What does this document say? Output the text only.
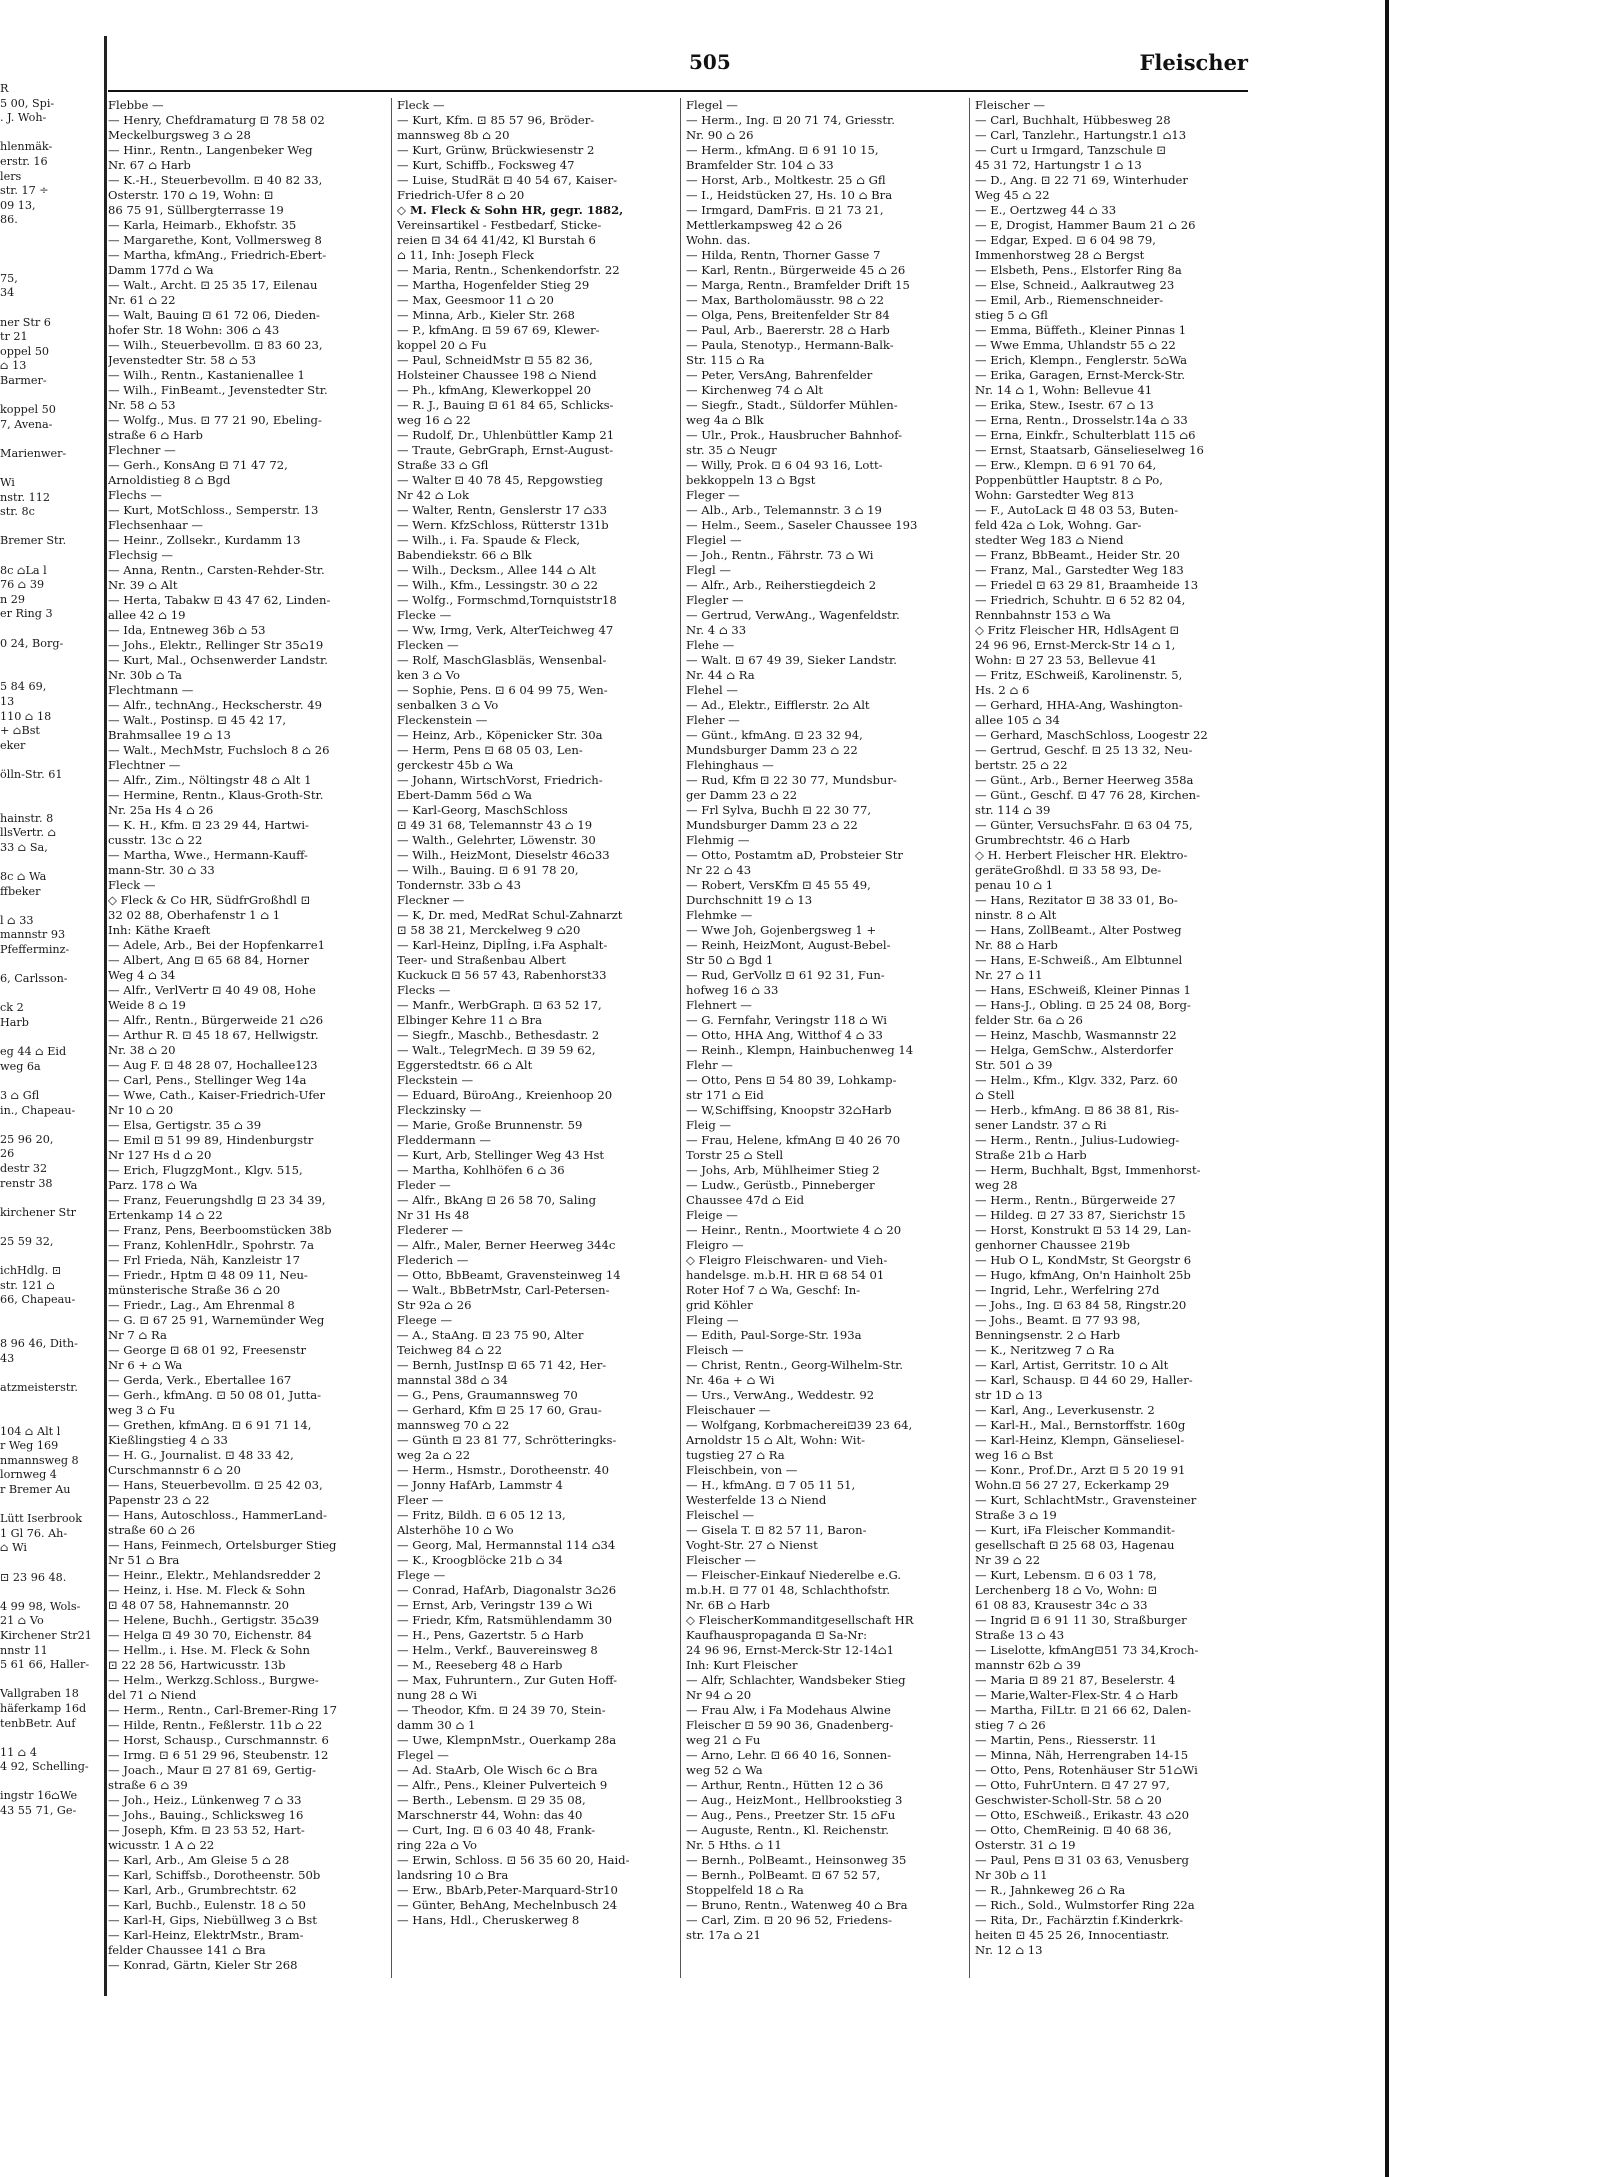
R
5 00, Spi-
. J. Woh-

hlenmäk-
erstr. 16
lers
str. 17 ÷
09 13,
86.

75,
34

ner Str 6
tr 21
oppel 50
⌂ 13
Barmer-

koppel 50
7, Avena-

Marienwer-

Wi
nstr. 112
str. 8c

Bremer Str.

8c ⌂La l
76 ⌂ 39
n 29
er Ring 3

0 24, Borg-

5 84 69,
13
110 ⌂ 18
+ ⌂Bst
eker

ölln-Str. 61

hainstr. 8
llsVertr. ⌂
33 ⌂ Sa,

8c ⌂ Wa
ffbeker

l ⌂ 33
mannstr 93
Pfefferminz-

6, Carlsson-

ck 2
Harb

eg 44 ⌂ Eid
weg 6a

3 ⌂ Gfl
in., Chapeau-

25 96 20,
26
destr 32
renstr 38

kirchener Str

25 59 32,

ichHdlg. ⊡
str. 121 ⌂
66, Chapeau-

8 96 46, Dith-
43

atzmeisterstr.

104 ⌂ Alt l
r Weg 169
nmannsweg 8
lornweg 4
r Bremer Au

Lütt Iserbrook
1 Gl 76. Ah-
⌂ Wi

⊡ 23 96 48.

4 99 98, Wols-
21 ⌂ Vo
Kirchener Str21
nnstr 11
5 61 66, Haller-

Vallgraben 18
häferkamp 16d
tenbBetr. Auf

11 ⌂ 4
4 92, Schelling-

ingstr 16⌂We
43 55 71, Ge-
505	Fleischer
Flebbe —
— Henry, Chefdramaturg ⊡ 78 58 02
Meckelburgsweg 3 ⌂ 28
— Hinr., Rentn., Langenbeker Weg
Nr. 67 ⌂ Harb
— K.-H., Steuerbevollm. ⊡ 40 82 33,
Osterstr. 170 ⌂ 19, Wohn: ⊡
86 75 91, Süllbergterrasse 19
— Karla, Heimarb., Ekhofstr. 35
— Margarethe, Kont, Vollmersweg 8
— Martha, kfmAng., Friedrich-Ebert-
Damm 177d ⌂ Wa
— Walt., Archt. ⊡ 25 35 17, Eilenau
Nr. 61 ⌂ 22
— Walt, Bauing ⊡ 61 72 06, Dieden-
hofer Str. 18 Wohn: 306 ⌂ 43
— Wilh., Steuerbevollm. ⊡ 83 60 23,
Jevenstedter Str. 58 ⌂ 53
— Wilh., Rentn., Kastanienallee 1
— Wilh., FinBeamt., Jevenstedter Str.
Nr. 58 ⌂ 53
— Wolfg., Mus. ⊡ 77 21 90, Ebeling-
straße 6 ⌂ Harb
Flechner —
— Gerh., KonsAng ⊡ 71 47 72,
Arnoldistieg 8 ⌂ Bgd
Flechs —
— Kurt, MotSchloss., Semperstr. 13
Flechsenhaar —
— Heinr., Zollsekr., Kurdamm 13
Flechsig —
— Anna, Rentn., Carsten-Rehder-Str.
Nr. 39 ⌂ Alt
— Herta, Tabakw ⊡ 43 47 62, Linden-
allee 42 ⌂ 19
— Ida, Entneweg 36b ⌂ 53
— Johs., Elektr., Rellinger Str 35⌂19
— Kurt, Mal., Ochsenwerder Landstr.
Nr. 30b ⌂ Ta
Flechtmann —
— Alfr., technAng., Heckscherstr. 49
— Walt., Postinsp. ⊡ 45 42 17,
Brahmsallee 19 ⌂ 13
— Walt., MechMstr, Fuchsloch 8 ⌂ 26
Flechtner —
— Alfr., Zim., Nöltingstr 48 ⌂ Alt 1
— Hermine, Rentn., Klaus-Groth-Str.
Nr. 25a Hs 4 ⌂ 26
— K. H., Kfm. ⊡ 23 29 44, Hartwi-
cusstr. 13c ⌂ 22
— Martha, Wwe., Hermann-Kauff-
mann-Str. 30 ⌂ 33
Fleck —
◇ Fleck & Co HR, SüdfrGroßhdl ⊡
32 02 88, Oberhafenstr 1 ⌂ 1
Inh: Käthe Kraeft
— Adele, Arb., Bei der Hopfenkarre1
— Albert, Ang ⊡ 65 68 84, Horner
Weg 4 ⌂ 34
— Alfr., VerlVertr ⊡ 40 49 08, Hohe
Weide 8 ⌂ 19
— Alfr., Rentn., Bürgerweide 21 ⌂26
— Arthur R. ⊡ 45 18 67, Hellwigstr.
Nr. 38 ⌂ 20
— Aug F. ⊡ 48 28 07, Hochallee123
— Carl, Pens., Stellinger Weg 14a
— Wwe, Cath., Kaiser-Friedrich-Ufer
Nr 10 ⌂ 20
— Elsa, Gertigstr. 35 ⌂ 39
— Emil ⊡ 51 99 89, Hindenburgstr
Nr 127 Hs d ⌂ 20
— Erich, FlugzgMont., Klgv. 515,
Parz. 178 ⌂ Wa
— Franz, Feuerungshdlg ⊡ 23 34 39,
Ertenkamp 14 ⌂ 22
— Franz, Pens, Beerboomstücken 38b
— Franz, KohlenHdlr., Spohrstr. 7a
— Frl Frieda, Näh, Kanzleistr 17
— Friedr., Hptm ⊡ 48 09 11, Neu-
münsterische Straße 36 ⌂ 20
— Friedr., Lag., Am Ehrenmal 8
— G. ⊡ 67 25 91, Warnemünder Weg
Nr 7 ⌂ Ra
— George ⊡ 68 01 92, Freesenstr
Nr 6 + ⌂ Wa
— Gerda, Verk., Ebertallee 167
— Gerh., kfmAng. ⊡ 50 08 01, Jutta-
weg 3 ⌂ Fu
— Grethen, kfmAng. ⊡ 6 91 71 14,
Kießlingstieg 4 ⌂ 33
— H. G., Journalist. ⊡ 48 33 42,
Curschmannstr 6 ⌂ 20
— Hans, Steuerbevollm. ⊡ 25 42 03,
Papenstr 23 ⌂ 22
— Hans, Autoschloss., HammerLand-
straße 60 ⌂ 26
— Hans, Feinmech, Ortelsburger Stieg
Nr 51 ⌂ Bra
— Heinr., Elektr., Mehlandsredder 2
— Heinz, i. Hse. M. Fleck & Sohn
⊡ 48 07 58, Hahnemannstr. 20
— Helene, Buchh., Gertigstr. 35⌂39
— Helga ⊡ 49 30 70, Eichenstr. 84
— Hellm., i. Hse. M. Fleck & Sohn
⊡ 22 28 56, Hartwicusstr. 13b
— Helm., Werkzg.Schloss., Burgwe-
del 71 ⌂ Niend
— Herm., Rentn., Carl-Bremer-Ring 17
— Hilde, Rentn., Feßlerstr. 11b ⌂ 22
— Horst, Schausp., Curschmannstr. 6
— Irmg. ⊡ 6 51 29 96, Steubenstr. 12
— Joach., Maur ⊡ 27 81 69, Gertig-
straße 6 ⌂ 39
— Joh., Heiz., Lünkenweg 7 ⌂ 33
— Johs., Bauing., Schlicksweg 16
— Joseph, Kfm. ⊡ 23 53 52, Hart-
wicusstr. 1 A ⌂ 22
— Karl, Arb., Am Gleise 5 ⌂ 28
— Karl, Schiffsb., Dorotheenstr. 50b
— Karl, Arb., Grumbrechtstr. 62
— Karl, Buchb., Eulenstr. 18 ⌂ 50
— Karl-H, Gips, Niebüllweg 3 ⌂ Bst
— Karl-Heinz, ElektrMstr., Bram-
felder Chaussee 141 ⌂ Bra
— Konrad, Gärtn, Kieler Str 268
Fleck —
— Kurt, Kfm. ⊡ 85 57 96, Bröder-
mannsweg 8b ⌂ 20
— Kurt, Grünw, Brückwiesenstr 2
— Kurt, Schiffb., Focksweg 47
— Luise, StudRät ⊡ 40 54 67, Kaiser-
Friedrich-Ufer 8 ⌂ 20
◇ M. Fleck & Sohn HR, gegr. 1882,
Vereinsartikel - Festbedarf, Sticke-
reien ⊡ 34 64 41/42, Kl Burstah 6
⌂ 11, Inh: Joseph Fleck
— Maria, Rentn., Schenkendorfstr. 22
— Martha, Hogenfelder Stieg 29
— Max, Geesmoor 11 ⌂ 20
— Minna, Arb., Kieler Str. 268
— P., kfmAng. ⊡ 59 67 69, Klewer-
koppel 20 ⌂ Fu
— Paul, SchneidMstr ⊡ 55 82 36,
Holsteiner Chaussee 198 ⌂ Niend
— Ph., kfmAng, Klewerkoppel 20
— R. J., Bauing ⊡ 61 84 65, Schlicks-
weg 16 ⌂ 22
— Rudolf, Dr., Uhlenbüttler Kamp 21
— Traute, GebrGraph, Ernst-August-
Straße 33 ⌂ Gfl
— Walter ⊡ 40 78 45, Repgowstieg
Nr 42 ⌂ Lok
— Walter, Rentn, Genslerstr 17 ⌂33
— Wern. KfzSchloss, Rütterstr 131b
— Wilh., i. Fa. Spaude & Fleck,
Babendiekstr. 66 ⌂ Blk
— Wilh., Decksm., Allee 144 ⌂ Alt
— Wilh., Kfm., Lessingstr. 30 ⌂ 22
— Wolfg., Formschmd,Tornquiststr18
Flecke —
— Ww, Irmg, Verk, AlterTeichweg 47
Flecken —
— Rolf, MaschGlasbläs, Wensenbal-
ken 3 ⌂ Vo
— Sophie, Pens. ⊡ 6 04 99 75, Wen-
senbalken 3 ⌂ Vo
Fleckenstein —
— Heinz, Arb., Köpenicker Str. 30a
— Herm, Pens ⊡ 68 05 03, Len-
gerckestr 45b ⌂ Wa
— Johann, WirtschVorst, Friedrich-
Ebert-Damm 56d ⌂ Wa
— Karl-Georg, MaschSchloss
⊡ 49 31 68, Telemannstr 43 ⌂ 19
— Walth., Gelehrter, Löwenstr. 30
— Wilh., HeizMont, Dieselstr 46⌂33
— Wilh., Bauing. ⊡ 6 91 78 20,
Tondernstr. 33b ⌂ 43
Fleckner —
— K, Dr. med, MedRat Schul-Zahnarzt
⊡ 58 38 21, Merckelweg 9 ⌂20
— Karl-Heinz, Diplİng, i.Fa Asphalt-
Teer- und Straßenbau Albert
Kuckuck ⊡ 56 57 43, Rabenhorst33
Flecks —
— Manfr., WerbGraph. ⊡ 63 52 17,
Elbinger Kehre 11 ⌂ Bra
— Siegfr., Maschb., Bethesdastr. 2
— Walt., TelegrMech. ⊡ 39 59 62,
Eggerstedtstr. 66 ⌂ Alt
Fleckstein —
— Eduard, BüroAng., Kreienhoop 20
Fleckzinsky —
— Marie, Große Brunnenstr. 59
Fleddermann —
— Kurt, Arb, Stellinger Weg 43 Hst
— Martha, Kohlhöfen 6 ⌂ 36
Fleder —
— Alfr., BkAng ⊡ 26 58 70, Saling
Nr 31 Hs 48
Flederer —
— Alfr., Maler, Berner Heerweg 344c
Flederich —
— Otto, BbBeamt, Gravensteinweg 14
— Walt., BbBetrMstr, Carl-Petersen-
Str 92a ⌂ 26
Fleege —
— A., StaAng. ⊡ 23 75 90, Alter
Teichweg 84 ⌂ 22
— Bernh, JustInsp ⊡ 65 71 42, Her-
mannstal 38d ⌂ 34
— G., Pens, Graumannsweg 70
— Gerhard, Kfm ⊡ 25 17 60, Grau-
mannsweg 70 ⌂ 22
— Günth ⊡ 23 81 77, Schrötteringks-
weg 2a ⌂ 22
— Herm., Hsmstr., Dorotheenstr. 40
— Jonny HafArb, Lammstr 4
Fleer —
— Fritz, Bildh. ⊡ 6 05 12 13,
Alsterhöhe 10 ⌂ Wo
— Georg, Mal, Hermannstal 114 ⌂34
— K., Kroogblöcke 21b ⌂ 34
Flege —
— Conrad, HafArb, Diagonalstr 3⌂26
— Ernst, Arb, Veringstr 139 ⌂ Wi
— Friedr, Kfm, Ratsmühlendamm 30
— H., Pens, Gazertstr. 5 ⌂ Harb
— Helm., Verkf., Bauvereinsweg 8
— M., Reeseberg 48 ⌂ Harb
— Max, Fuhruntern., Zur Guten Hoff-
nung 28 ⌂ Wi
— Theodor, Kfm. ⊡ 24 39 70, Stein-
damm 30 ⌂ 1
— Uwe, KlempnMstr., Ouerkamp 28a
Flegel —
— Ad. StaArb, Ole Wisch 6c ⌂ Bra
— Alfr., Pens., Kleiner Pulverteich 9
— Berth., Lebensm. ⊡ 29 35 08,
Marschnerstr 44, Wohn: das 40
— Curt, Ing. ⊡ 6 03 40 48, Frank-
ring 22a ⌂ Vo
— Erwin, Schloss. ⊡ 56 35 60 20, Haid-
landsring 10 ⌂ Bra
— Erw., BbArb,Peter-Marquard-Str10
— Günter, BehAng, Mechelnbusch 24
— Hans, Hdl., Cheruskerweg 8
Flegel —
— Herm., Ing. ⊡ 20 71 74, Griesstr.
Nr. 90 ⌂ 26
— Herm., kfmAng. ⊡ 6 91 10 15,
Bramfelder Str. 104 ⌂ 33
— Horst, Arb., Moltkestr. 25 ⌂ Gfl
— I., Heidstücken 27, Hs. 10 ⌂ Bra
— Irmgard, DamFris. ⊡ 21 73 21,
Mettlerkampsweg 42 ⌂ 26
Wohn. das.
— Hilda, Rentn, Thorner Gasse 7
— Karl, Rentn., Bürgerweide 45 ⌂ 26
— Marga, Rentn., Bramfelder Drift 15
— Max, Bartholomäusstr. 98 ⌂ 22
— Olga, Pens, Breitenfelder Str 84
— Paul, Arb., Baererstr. 28 ⌂ Harb
— Paula, Stenotyp., Hermann-Balk-
Str. 115 ⌂ Ra
— Peter, VersAng, Bahrenfelder
— Kirchenweg 74 ⌂ Alt
— Siegfr., Stadt., Süldorfer Mühlen-
weg 4a ⌂ Blk
— Ulr., Prok., Hausbrucher Bahnhof-
str. 35 ⌂ Neugr
— Willy, Prok. ⊡ 6 04 93 16, Lott-
bekkoppeln 13 ⌂ Bgst
Fleger —
— Alb., Arb., Telemannstr. 3 ⌂ 19
— Helm., Seem., Saseler Chaussee 193
Flegiel —
— Joh., Rentn., Fährstr. 73 ⌂ Wi
Flegl —
— Alfr., Arb., Reiherstiegdeich 2
Flegler —
— Gertrud, VerwAng., Wagenfeldstr.
Nr. 4 ⌂ 33
Flehe —
— Walt. ⊡ 67 49 39, Sieker Landstr.
Nr. 44 ⌂ Ra
Flehel —
— Ad., Elektr., Eifflerstr. 2⌂ Alt
Fleher —
— Günt., kfmAng. ⊡ 23 32 94,
Mundsburger Damm 23 ⌂ 22
Flehinghaus —
— Rud, Kfm ⊡ 22 30 77, Mundsbur-
ger Damm 23 ⌂ 22
— Frl Sylva, Buchh ⊡ 22 30 77,
Mundsburger Damm 23 ⌂ 22
Flehmig —
— Otto, Postamtm aD, Probsteier Str
Nr 22 ⌂ 43
— Robert, VersKfm ⊡ 45 55 49,
Durchschnitt 19 ⌂ 13
Flehmke —
— Wwe Joh, Gojenbergsweg 1 +
— Reinh, HeizMont, August-Bebel-
Str 50 ⌂ Bgd 1
— Rud, GerVollz ⊡ 61 92 31, Fun-
hofweg 16 ⌂ 33
Flehnert —
— G. Fernfahr, Veringstr 118 ⌂ Wi
— Otto, HHA Ang, Witthof 4 ⌂ 33
— Reinh., Klempn, Hainbuchenweg 14
Flehr —
— Otto, Pens ⊡ 54 80 39, Lohkamp-
str 171 ⌂ Eid
— W,Schiffsing, Knoopstr 32⌂Harb
Fleig —
— Frau, Helene, kfmAng ⊡ 40 26 70
Torstr 25 ⌂ Stell
— Johs, Arb, Mühlheimer Stieg 2
— Ludw., Gerüstb., Pinneberger
Chaussee 47d ⌂ Eid
Fleige —
— Heinr., Rentn., Moortwiete 4 ⌂ 20
Fleigro —
◇ Fleigro Fleischwaren- und Vieh-
handelsge. m.b.H. HR ⊡ 68 54 01
Roter Hof 7 ⌂ Wa, Geschf: In-
grid Köhler
Fleing —
— Edith, Paul-Sorge-Str. 193a
Fleisch —
— Christ, Rentn., Georg-Wilhelm-Str.
Nr. 46a + ⌂ Wi
— Urs., VerwAng., Weddestr. 92
Fleischauer —
— Wolfgang, Korbmacherei⊡39 23 64,
Arnoldstr 15 ⌂ Alt, Wohn: Wit-
tugstieg 27 ⌂ Ra
Fleischbein, von —
— H., kfmAng. ⊡ 7 05 11 51,
Westerfelde 13 ⌂ Niend
Fleischel —
— Gisela T. ⊡ 82 57 11, Baron-
Voght-Str. 27 ⌂ Nienst
Fleischer —
— Fleischer-Einkauf Niederelbe e.G.
m.b.H. ⊡ 77 01 48, Schlachthofstr.
Nr. 6B ⌂ Harb
◇ FleischerKommanditgesellschaft HR
Kaufhauspropaganda ⊡ Sa-Nr:
24 96 96, Ernst-Merck-Str 12-14⌂1
Inh: Kurt Fleischer
— Alfr, Schlachter, Wandsbeker Stieg
Nr 94 ⌂ 20
— Frau Alw, i Fa Modehaus Alwine
Fleischer ⊡ 59 90 36, Gnadenberg-
weg 21 ⌂ Fu
— Arno, Lehr. ⊡ 66 40 16, Sonnen-
weg 52 ⌂ Wa
— Arthur, Rentn., Hütten 12 ⌂ 36
— Aug., HeizMont., Hellbrookstieg 3
— Aug., Pens., Preetzer Str. 15 ⌂Fu
— Auguste, Rentn., Kl. Reichenstr.
Nr. 5 Hths. ⌂ 11
— Bernh., PolBeamt., Heinsonweg 35
— Bernh., PolBeamt. ⊡ 67 52 57,
Stoppelfeld 18 ⌂ Ra
— Bruno, Rentn., Watenweg 40 ⌂ Bra
— Carl, Zim. ⊡ 20 96 52, Friedens-
str. 17a ⌂ 21
Fleischer —
— Carl, Buchhalt, Hübbesweg 28
— Carl, Tanzlehr., Hartungstr.1 ⌂13
— Curt u Irmgard, Tanzschule ⊡
45 31 72, Hartungstr 1 ⌂ 13
— D., Ang. ⊡ 22 71 69, Winterhuder
Weg 45 ⌂ 22
— E., Oertzweg 44 ⌂ 33
— E, Drogist, Hammer Baum 21 ⌂ 26
— Edgar, Exped. ⊡ 6 04 98 79,
Immenhorstweg 28 ⌂ Bergst
— Elsbeth, Pens., Elstorfer Ring 8a
— Else, Schneid., Aalkrautweg 23
— Emil, Arb., Riemenschneider-
stieg 5 ⌂ Gfl
— Emma, Büffeth., Kleiner Pinnas 1
— Wwe Emma, Uhlandstr 55 ⌂ 22
— Erich, Klempn., Fenglerstr. 5⌂Wa
— Erika, Garagen, Ernst-Merck-Str.
Nr. 14 ⌂ 1, Wohn: Bellevue 41
— Erika, Stew., Isestr. 67 ⌂ 13
— Erna, Rentn., Drosselstr.14a ⌂ 33
— Erna, Einkfr., Schulterblatt 115 ⌂6
— Ernst, Staatsarb, Gänselieselweg 16
— Erw., Klempn. ⊡ 6 91 70 64,
Poppenbüttler Hauptstr. 8 ⌂ Po,
Wohn: Garstedter Weg 813
— F., AutoLack ⊡ 48 03 53, Buten-
feld 42a ⌂ Lok, Wohng. Gar-
stedter Weg 183 ⌂ Niend
— Franz, BbBeamt., Heider Str. 20
— Franz, Mal., Garstedter Weg 183
— Friedel ⊡ 63 29 81, Braamheide 13
— Friedrich, Schuhtr. ⊡ 6 52 82 04,
Rennbahnstr 153 ⌂ Wa
◇ Fritz Fleischer HR, HdlsAgent ⊡
24 96 96, Ernst-Merck-Str 14 ⌂ 1,
Wohn: ⊡ 27 23 53, Bellevue 41
— Fritz, ESchweiß, Karolinenstr. 5,
Hs. 2 ⌂ 6
— Gerhard, HHA-Ang, Washington-
allee 105 ⌂ 34
— Gerhard, MaschSchloss, Loogestr 22
— Gertrud, Geschf. ⊡ 25 13 32, Neu-
bertstr. 25 ⌂ 22
— Günt., Arb., Berner Heerweg 358a
— Günt., Geschf. ⊡ 47 76 28, Kirchen-
str. 114 ⌂ 39
— Günter, VersuchsFahr. ⊡ 63 04 75,
Grumbrechtstr. 46 ⌂ Harb
◇ H. Herbert Fleischer HR. Elektro-
geräteGroßhdl. ⊡ 33 58 93, De-
penau 10 ⌂ 1
— Hans, Rezitator ⊡ 38 33 01, Bo-
ninstr. 8 ⌂ Alt
— Hans, ZollBeamt., Alter Postweg
Nr. 88 ⌂ Harb
— Hans, E-Schweiß., Am Elbtunnel
Nr. 27 ⌂ 11
— Hans, ESchweiß, Kleiner Pinnas 1
— Hans-J., Obling. ⊡ 25 24 08, Borg-
felder Str. 6a ⌂ 26
— Heinz, Maschb, Wasmannstr 22
— Helga, GemSchw., Alsterdorfer
Str. 501 ⌂ 39
— Helm., Kfm., Klgv. 332, Parz. 60
⌂ Stell
— Herb., kfmAng. ⊡ 86 38 81, Ris-
sener Landstr. 37 ⌂ Ri
— Herm., Rentn., Julius-Ludowieg-
Straße 21b ⌂ Harb
— Herm, Buchhalt, Bgst, Immenhorst-
weg 28
— Herm., Rentn., Bürgerweide 27
— Hildeg. ⊡ 27 33 87, Sierichstr 15
— Horst, Konstrukt ⊡ 53 14 29, Lan-
genhorner Chaussee 219b
— Hub O L, KondMstr, St Georgstr 6
— Hugo, kfmAng, On'n Hainholt 25b
— Ingrid, Lehr., Werfelring 27d
— Johs., Ing. ⊡ 63 84 58, Ringstr.20
— Johs., Beamt. ⊡ 77 93 98,
Benningsenstr. 2 ⌂ Harb
— K., Neritzweg 7 ⌂ Ra
— Karl, Artist, Gerritstr. 10 ⌂ Alt
— Karl, Schausp. ⊡ 44 60 29, Haller-
str 1D ⌂ 13
— Karl, Ang., Leverkusenstr. 2
— Karl-H., Mal., Bernstorffstr. 160g
— Karl-Heinz, Klempn, Gänseliesel-
weg 16 ⌂ Bst
— Konr., Prof.Dr., Arzt ⊡ 5 20 19 91
Wohn.⊡ 56 27 27, Eckerkamp 29
— Kurt, SchlachtMstr., Gravensteiner
Straße 3 ⌂ 19
— Kurt, iFa Fleischer Kommandit-
gesellschaft ⊡ 25 68 03, Hagenau
Nr 39 ⌂ 22
— Kurt, Lebensm. ⊡ 6 03 1 78,
Lerchenberg 18 ⌂ Vo, Wohn: ⊡
61 08 83, Krausestr 34c ⌂ 33
— Ingrid ⊡ 6 91 11 30, Straßburger
Straße 13 ⌂ 43
— Liselotte, kfmAng⊡51 73 34,Kroch-
mannstr 62b ⌂ 39
— Maria ⊡ 89 21 87, Beselerstr. 4
— Marie,Walter-Flex-Str. 4 ⌂ Harb
— Martha, FilLtr. ⊡ 21 66 62, Dalen-
stieg 7 ⌂ 26
— Martin, Pens., Riesserstr. 11
— Minna, Näh, Herrengraben 14-15
— Otto, Pens, Rotenhäuser Str 51⌂Wi
— Otto, FuhrUntern. ⊡ 47 27 97,
Geschwister-Scholl-Str. 58 ⌂ 20
— Otto, ESchweiß., Erikastr. 43 ⌂20
— Otto, ChemReinig. ⊡ 40 68 36,
Osterstr. 31 ⌂ 19
— Paul, Pens ⊡ 31 03 63, Venusberg
Nr 30b ⌂ 11
— R., Jahnkeweg 26 ⌂ Ra
— Rich., Sold., Wulmstorfer Ring 22a
— Rita, Dr., Fachärztin f.Kinderkrk-
heiten ⊡ 45 25 26, Innocentiastr.
Nr. 12 ⌂ 13
